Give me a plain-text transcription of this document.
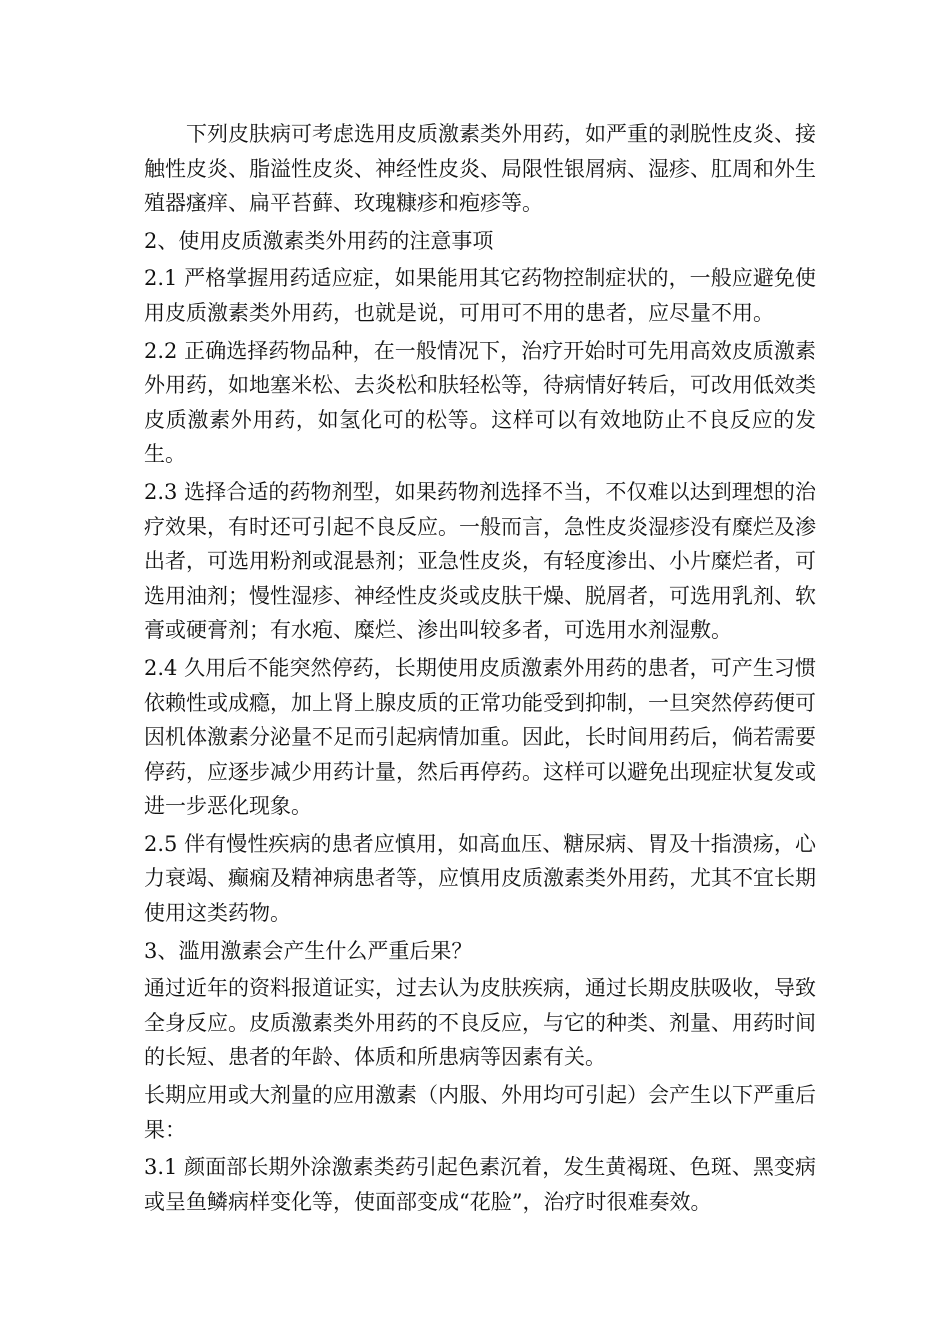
下列皮肤病可考虑选用皮质激素类外用药，如严重的剥脱性皮炎、接触性皮炎、脂溢性皮炎、神经性皮炎、局限性银屑病、湿疹、肛周和外生殖器瘙痒、扁平苔藓、玫瑰糠疹和疱疹等。

2、使用皮质激素类外用药的注意事项

2.1 严格掌握用药适应症，如果能用其它药物控制症状的，一般应避免使用皮质激素类外用药，也就是说，可用可不用的患者，应尽量不用。

2.2 正确选择药物品种，在一般情况下，治疗开始时可先用高效皮质激素外用药，如地塞米松、去炎松和肤轻松等，待病情好转后，可改用低效类皮质激素外用药，如氢化可的松等。这样可以有效地防止不良反应的发生。

2.3 选择合适的药物剂型，如果药物剂选择不当，不仅难以达到理想的治疗效果，有时还可引起不良反应。一般而言，急性皮炎湿疹没有糜烂及渗出者，可选用粉剂或混悬剂；亚急性皮炎，有轻度渗出、小片糜烂者，可选用油剂；慢性湿疹、神经性皮炎或皮肤干燥、脱屑者，可选用乳剂、软膏或硬膏剂；有水疱、糜烂、渗出叫较多者，可选用水剂湿敷。

2.4 久用后不能突然停药，长期使用皮质激素外用药的患者，可产生习惯依赖性或成瘾，加上肾上腺皮质的正常功能受到抑制，一旦突然停药便可因机体激素分泌量不足而引起病情加重。因此，长时间用药后，倘若需要停药，应逐步减少用药计量，然后再停药。这样可以避免出现症状复发或进一步恶化现象。

2.5 伴有慢性疾病的患者应慎用，如高血压、糖尿病、胃及十指溃疡，心力衰竭、癫痫及精神病患者等，应慎用皮质激素类外用药，尤其不宜长期使用这类药物。

3、滥用激素会产生什么严重后果？

通过近年的资料报道证实，过去认为皮肤疾病，通过长期皮肤吸收，导致全身反应。皮质激素类外用药的不良反应，与它的种类、剂量、用药时间的长短、患者的年龄、体质和所患病等因素有关。

长期应用或大剂量的应用激素（内服、外用均可引起）会产生以下严重后果：

3.1 颜面部长期外涂激素类药引起色素沉着，发生黄褐斑、色斑、黑变病或呈鱼鳞病样变化等，使面部变成“花脸”，治疗时很难奏效。
